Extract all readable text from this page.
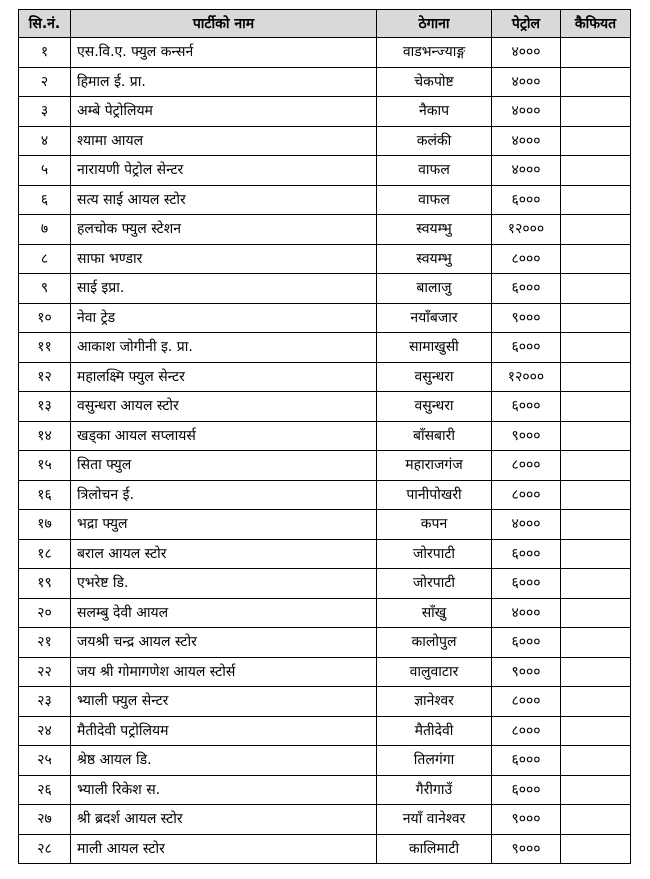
सि.नं.	पार्टीको नाम	ठेगाना	पेट्रोल	कैफियत
१	एस.वि.ए. फ्युल कन्सर्न	वाडभन्ज्याङ्ग	४०००	
२	हिमाल ई. प्रा.	चेकपोष्ट	४०००	
३	अम्बे पेट्रोलियम	नैकाप	४०००	
४	श्यामा आयल	कलंकी	४०००	
५	नारायणी पेट्रोल सेन्टर	वाफल	४०००	
६	सत्य साई आयल स्टोर	वाफल	६०००	
७	हलचोक फ्युल स्टेशन	स्वयम्भु	१२०००	
८	साफा भण्डार	स्वयम्भु	८०००	
९	साई इप्रा.	बालाजु	६०००	
१०	नेवा ट्रेड	नयाँबजार	९०००	
११	आकाश जोगीनी इ. प्रा.	सामाखुसी	६०००	
१२	महालक्ष्मि फ्युल सेन्टर	वसुन्धरा	१२०००	
१३	वसुन्धरा आयल स्टोर	वसुन्धरा	६०००	
१४	खड्का आयल सप्लायर्स	बाँसबारी	९०००	
१५	सिता फ्युल	महाराजगंज	८०००	
१६	त्रिलोचन ई.	पानीपोखरी	८०००	
१७	भद्रा फ्युल	कपन	४०००	
१८	बराल आयल स्टोर	जोरपाटी	६०००	
१९	एभरेष्ट डि.	जोरपाटी	६०००	
२०	सलम्बु देवी आयल	साँखु	४०००	
२१	जयश्री चन्द्र आयल स्टोर	कालोपुल	६०००	
२२	जय श्री गोमागणेश आयल स्टोर्स	वालुवाटार	९०००	
२३	भ्याली फ्युल सेन्टर	ज्ञानेश्वर	८०००	
२४	मैतीदेवी पट्रोलियम	मैतीदेवी	८०००	
२५	श्रेष्ठ आयल डि.	तिलगंगा	६०००	
२६	भ्याली रिकेश स.	गैरीगाउँ	६०००	
२७	श्री ब्रदर्श आयल स्टोर	नयाँ वानेश्वर	९०००	
२८	माली आयल स्टोर	कालिमाटी	९०००	
